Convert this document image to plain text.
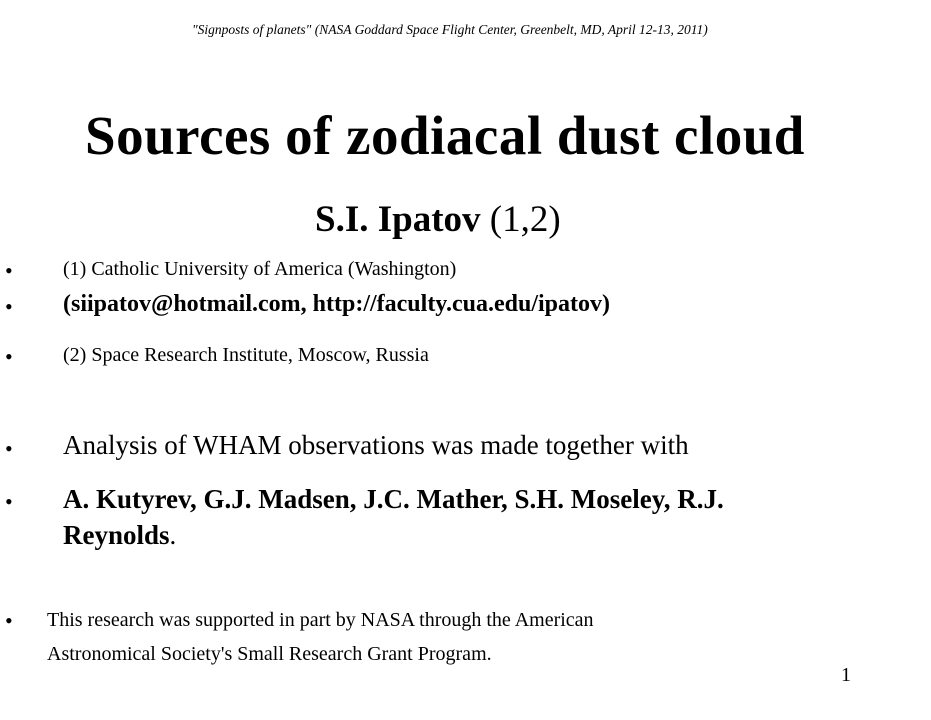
"Signposts of planets" (NASA Goddard Space Flight Center, Greenbelt, MD, April 12-13, 2011)
Sources of zodiacal dust cloud
S.I. Ipatov (1,2)
•	(1) Catholic University of America (Washington)
• (siipatov@hotmail.com, http://faculty.cua.edu/ipatov)
•	(2) Space Research Institute, Moscow, Russia
• Analysis of WHAM observations was made together with
• A. Kutyrev, G.J. Madsen, J.C. Mather, S.H. Moseley, R.J.
Reynolds.
• This research was supported in part by NASA through the American
Astronomical Society's Small Research Grant Program.
1
